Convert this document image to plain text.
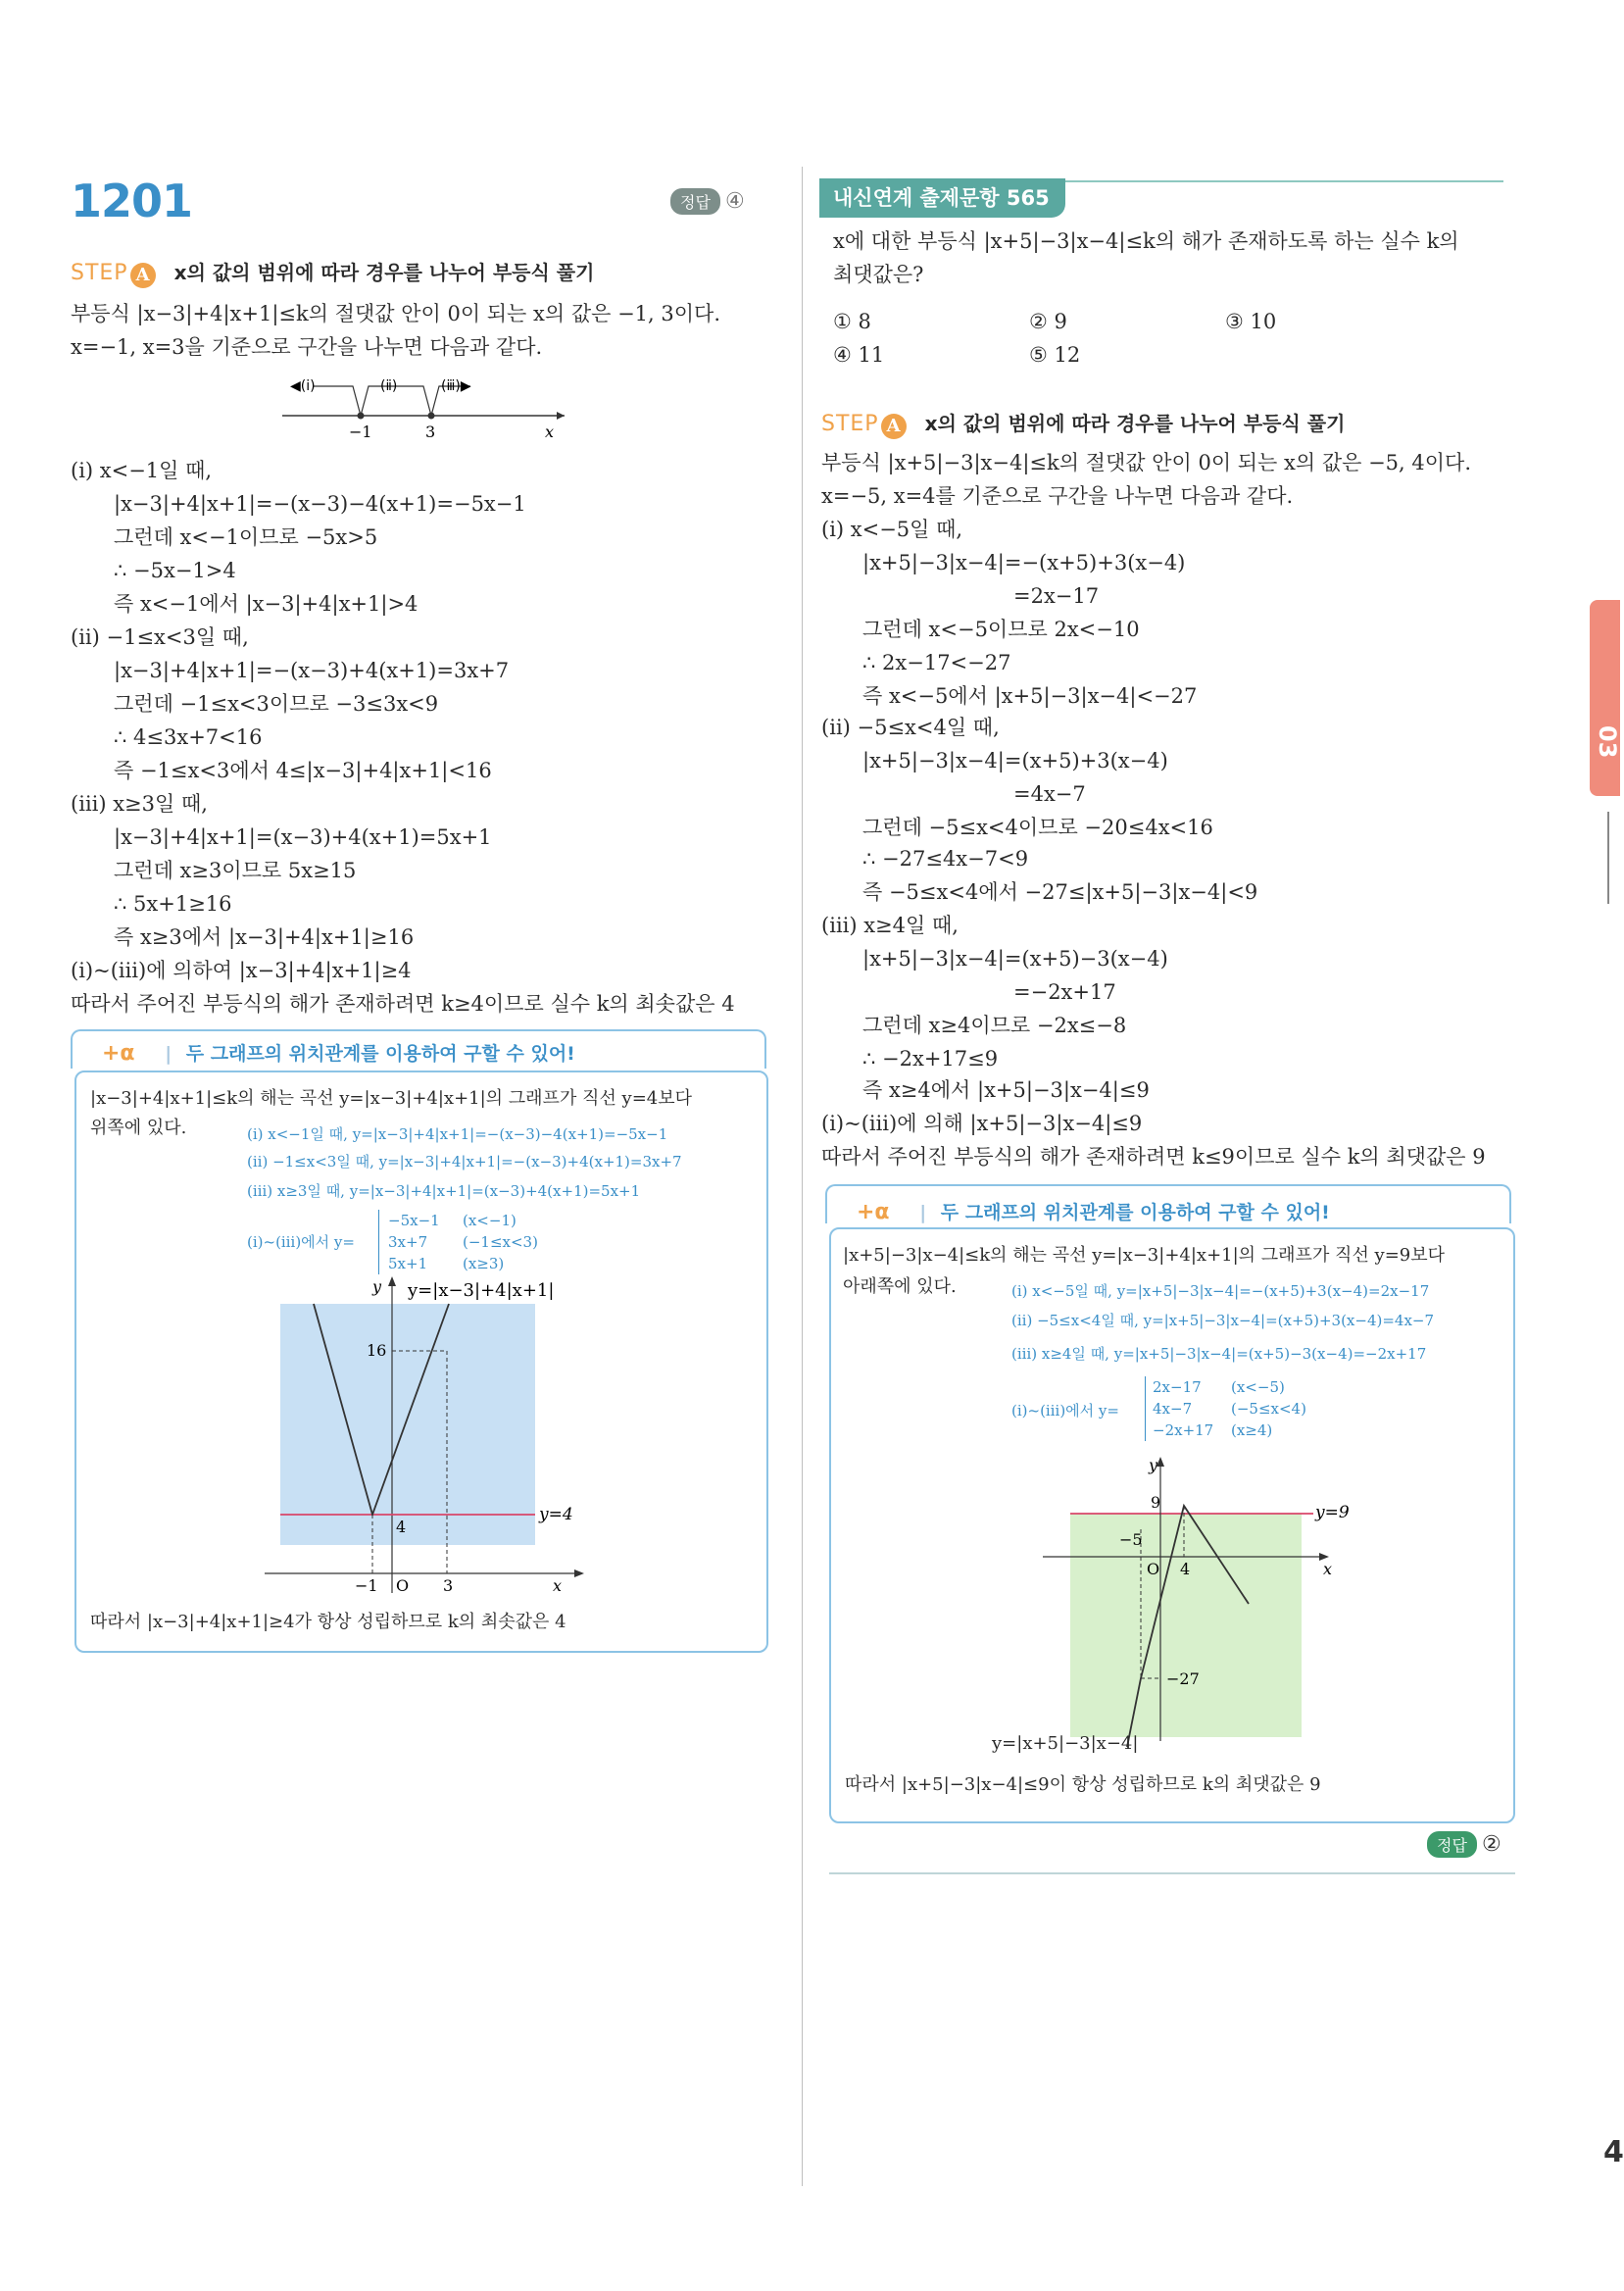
1201	정답 ④
STEP A x의 값의 범위에 따라 경우를 나누어 부등식 풀기
부등식 |x−3|+4|x+1|≤k의 절댓값 안이 0이 되는 x의 값은 −1, 3이다.
x=−1, x=3을 기준으로 구간을 나누면 다음과 같다.
◀(ⅰ)	(ⅱ)	(ⅲ)▶
−1	3	x
(ⅰ) x<−1일 때,
|x−3|+4|x+1|=−(x−3)−4(x+1)=−5x−1
그런데 x<−1이므로 −5x>5
∴ −5x−1>4
즉 x<−1에서 |x−3|+4|x+1|>4
(ⅱ) −1≤x<3일 때,
|x−3|+4|x+1|=−(x−3)+4(x+1)=3x+7
그런데 −1≤x<3이므로 −3≤3x<9
∴ 4≤3x+7<16
즉 −1≤x<3에서 4≤|x−3|+4|x+1|<16
(ⅲ) x≥3일 때,
|x−3|+4|x+1|=(x−3)+4(x+1)=5x+1
그런데 x≥3이므로 5x≥15
∴ 5x+1≥16
즉 x≥3에서 |x−3|+4|x+1|≥16
(ⅰ)~(ⅲ)에 의하여 |x−3|+4|x+1|≥4
따라서 주어진 부등식의 해가 존재하려면 k≥4이므로 실수 k의 최솟값은 4
+α | 두 그래프의 위치관계를 이용하여 구할 수 있어!
|x−3|+4|x+1|≤k의 해는 곡선 y=|x−3|+4|x+1|의 그래프가 직선 y=4보다
위쪽에 있다.	(ⅰ) x<−1일 때, y=|x−3|+4|x+1|=−(x−3)−4(x+1)=−5x−1
(ⅱ) −1≤x<3일 때, y=|x−3|+4|x+1|=−(x−3)+4(x+1)=3x+7
(ⅲ) x≥3일 때, y=|x−3|+4|x+1|=(x−3)+4(x+1)=5x+1
(ⅰ)~(ⅲ)에서 y=
−5x−1 (x<−1)
3x+7 (−1≤x<3)
5x+1 (x≥3)
y y=|x−3|+4|x+1|
16
4
y=4
−1 O 3	x
따라서 |x−3|+4|x+1|≥4가 항상 성립하므로 k의 최솟값은 4
내신연계 출제문항 565
x에 대한 부등식 |x+5|−3|x−4|≤k의 해가 존재하도록 하는 실수 k의
최댓값은?
① 8	② 9	③ 10
④ 11	⑤ 12
STEP A x의 값의 범위에 따라 경우를 나누어 부등식 풀기
부등식 |x+5|−3|x−4|≤k의 절댓값 안이 0이 되는 x의 값은 −5, 4이다.
x=−5, x=4를 기준으로 구간을 나누면 다음과 같다.
(ⅰ) x<−5일 때,
|x+5|−3|x−4|=−(x+5)+3(x−4)
=2x−17
그런데 x<−5이므로 2x<−10
∴ 2x−17<−27
즉 x<−5에서 |x+5|−3|x−4|<−27
(ⅱ) −5≤x<4일 때,
|x+5|−3|x−4|=(x+5)+3(x−4)
=4x−7
그런데 −5≤x<4이므로 −20≤4x<16
∴ −27≤4x−7<9
즉 −5≤x<4에서 −27≤|x+5|−3|x−4|<9
(ⅲ) x≥4일 때,
|x+5|−3|x−4|=(x+5)−3(x−4)
=−2x+17
그런데 x≥4이므로 −2x≤−8
∴ −2x+17≤9
즉 x≥4에서 |x+5|−3|x−4|≤9
(ⅰ)~(ⅲ)에 의해 |x+5|−3|x−4|≤9
따라서 주어진 부등식의 해가 존재하려면 k≤9이므로 실수 k의 최댓값은 9
+α | 두 그래프의 위치관계를 이용하여 구할 수 있어!
|x+5|−3|x−4|≤k의 해는 곡선 y=|x−3|+4|x+1|의 그래프가 직선 y=9보다
아래쪽에 있다.	(ⅰ) x<−5일 때, y=|x+5|−3|x−4|=−(x+5)+3(x−4)=2x−17
(ⅱ) −5≤x<4일 때, y=|x+5|−3|x−4|=(x+5)+3(x−4)=4x−7
(ⅲ) x≥4일 때, y=|x+5|−3|x−4|=(x+5)−3(x−4)=−2x+17
(ⅰ)~(ⅲ)에서 y=
2x−17 (x<−5)
4x−7	(−5≤x<4)
−2x+17 (x≥4)
y
9
y=9
−5
O 4	x
−27
y=|x+5|−3|x−4|
따라서 |x+5|−3|x−4|≤9이 항상 성립하므로 k의 최댓값은 9
정답 ②
03
4
